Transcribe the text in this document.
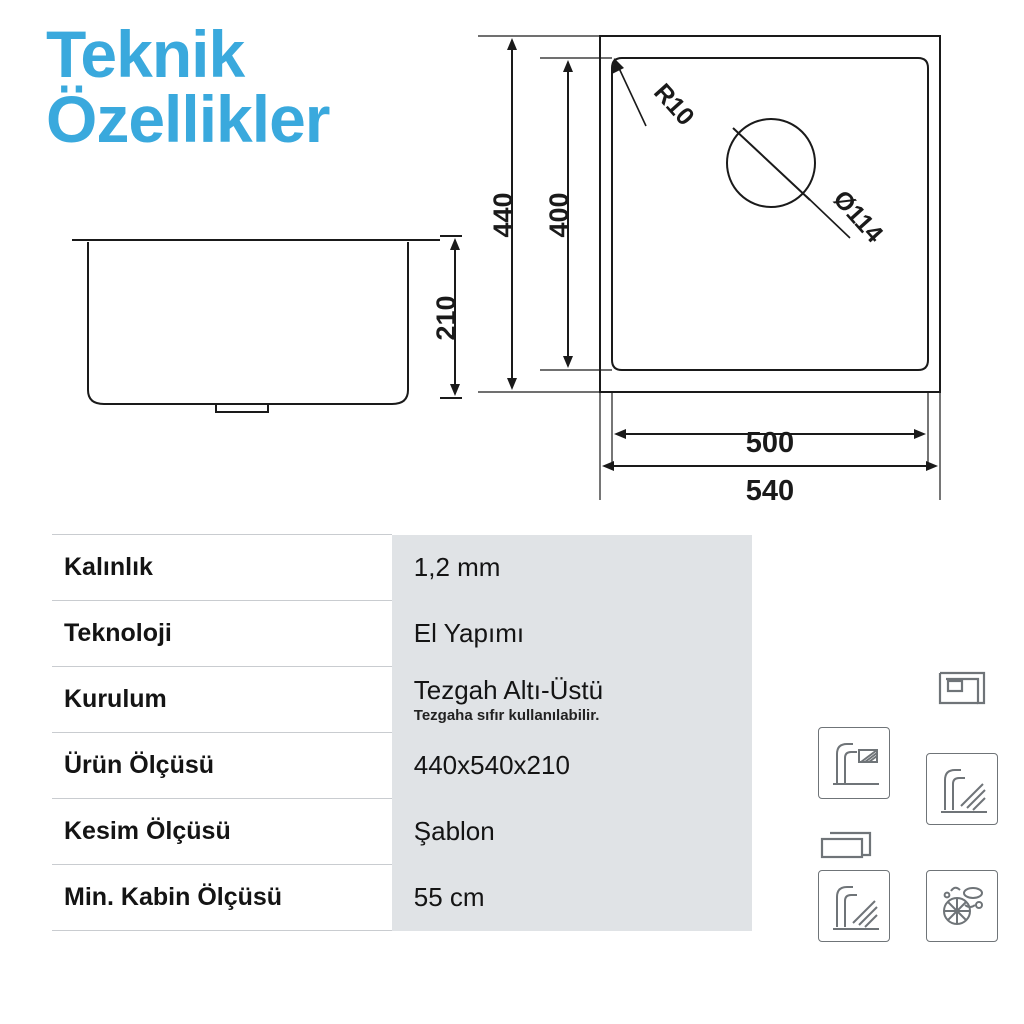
Teknik
Özellikler
440 400
210
500
540
R10
Ø114
Kalınlık	1,2 mm
Teknoloji	El Yapımı
Kurulum	Tezgah Altı-Üstü
Tezgaha sıfır kullanılabilir.

Ürün Ölçüsü	440x540x210
Kesim Ölçüsü	Şablon
Min. Kabin Ölçüsü	55 cm
